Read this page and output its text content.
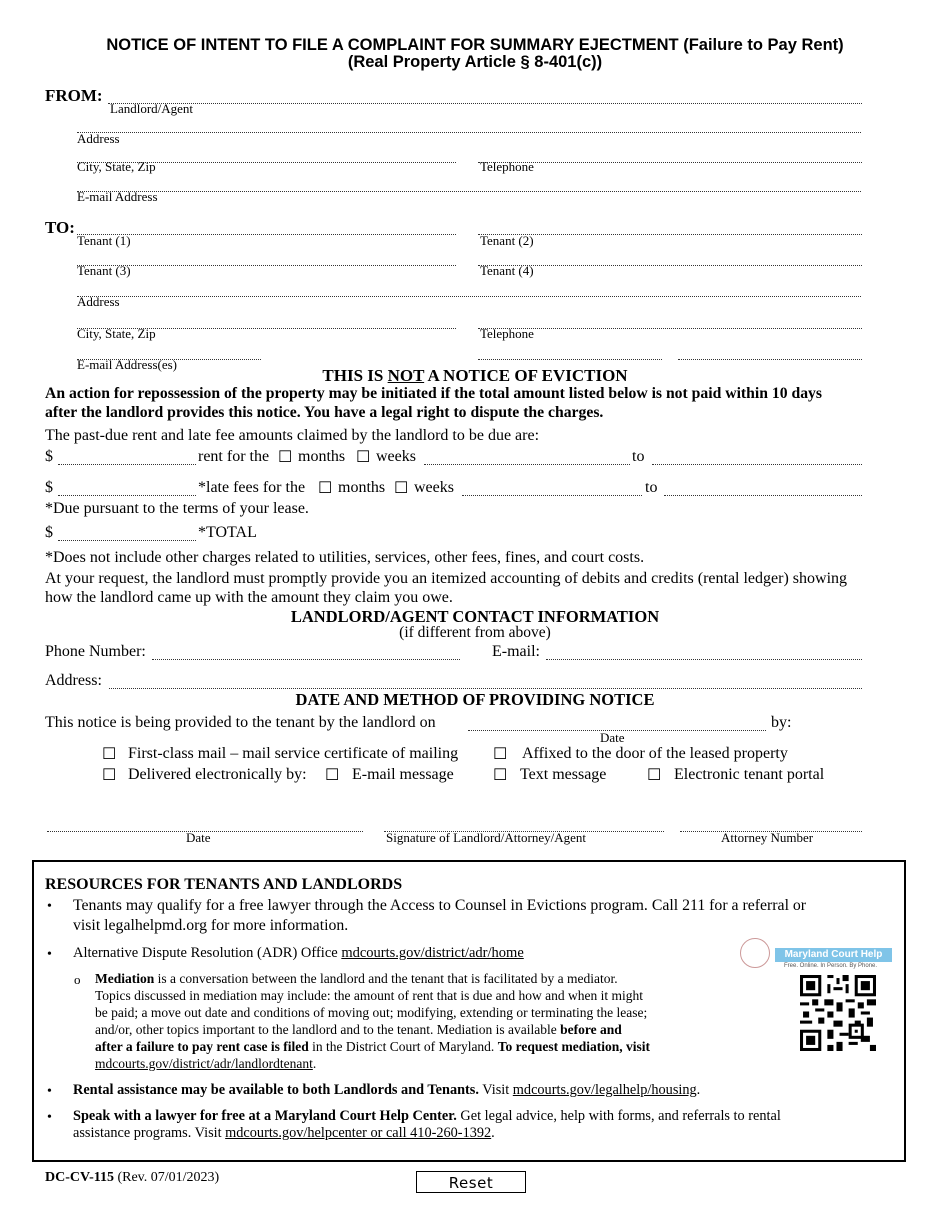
NOTICE OF INTENT TO FILE A COMPLAINT FOR SUMMARY EJECTMENT (Failure to Pay Rent)
(Real Property Article § 8-401(c))
FROM:
Landlord/Agent
Address
City, State, Zip	Telephone
E-mail Address
TO:
Tenant (1)	Tenant (2)
Tenant (3)	Tenant (4)
Address
City, State, Zip	Telephone
E-mail Address(es)
THIS IS NOT A NOTICE OF EVICTION
An action for repossession of the property may be initiated if the total amount listed below is not paid within 10 days
after the landlord provides this notice. You have a legal right to dispute the charges.
The past-due rent and late fee amounts claimed by the landlord to be due are:
$	rent for the ☐ months ☐ weeks	to
$	*late fees for the ☐ months ☐ weeks	to
*Due pursuant to the terms of your lease.
$	*TOTAL
*Does not include other charges related to utilities, services, other fees, fines, and court costs.
At your request, the landlord must promptly provide you an itemized accounting of debits and credits (rental ledger) showing
how the landlord came up with the amount they claim you owe.
LANDLORD/AGENT CONTACT INFORMATION
(if different from above)
Phone Number:	E-mail:
Address:
DATE AND METHOD OF PROVIDING NOTICE
This notice is being provided to the tenant by the landlord on	by:
Date
☐ First-class mail – mail service certificate of mailing ☐ Affixed to the door of the leased property
☐ Delivered electronically by: ☐ E-mail message ☐ Text message	☐ Electronic tenant portal
Date	Signature of Landlord/Attorney/Agent	Attorney Number
RESOURCES FOR TENANTS AND LANDLORDS
• Tenants may qualify for a free lawyer through the Access to Counsel in Evictions program. Call 211 for a referral or
visit legalhelpmd.org for more information.
• Alternative Dispute Resolution (ADR) Office mdcourts.gov/district/adr/home
o Mediation is a conversation between the landlord and the tenant that is facilitated by a mediator.
Topics discussed in mediation may include: the amount of rent that is due and how and when it might
be paid; a move out date and conditions of moving out; modifying, extending or terminating the lease;
and/or, other topics important to the landlord and to the tenant. Mediation is available before and
after a failure to pay rent case is filed in the District Court of Maryland. To request mediation, visit
mdcourts.gov/district/adr/landlordtenant.
Maryland Court Help
Free. Online. In Person. By Phone.
• Rental assistance may be available to both Landlords and Tenants. Visit mdcourts.gov/legalhelp/housing.
• Speak with a lawyer for free at a Maryland Court Help Center. Get legal advice, help with forms, and referrals to rental
assistance programs. Visit mdcourts.gov/helpcenter or call 410-260-1392.
DC-CV-115 (Rev. 07/01/2023)	Reset
